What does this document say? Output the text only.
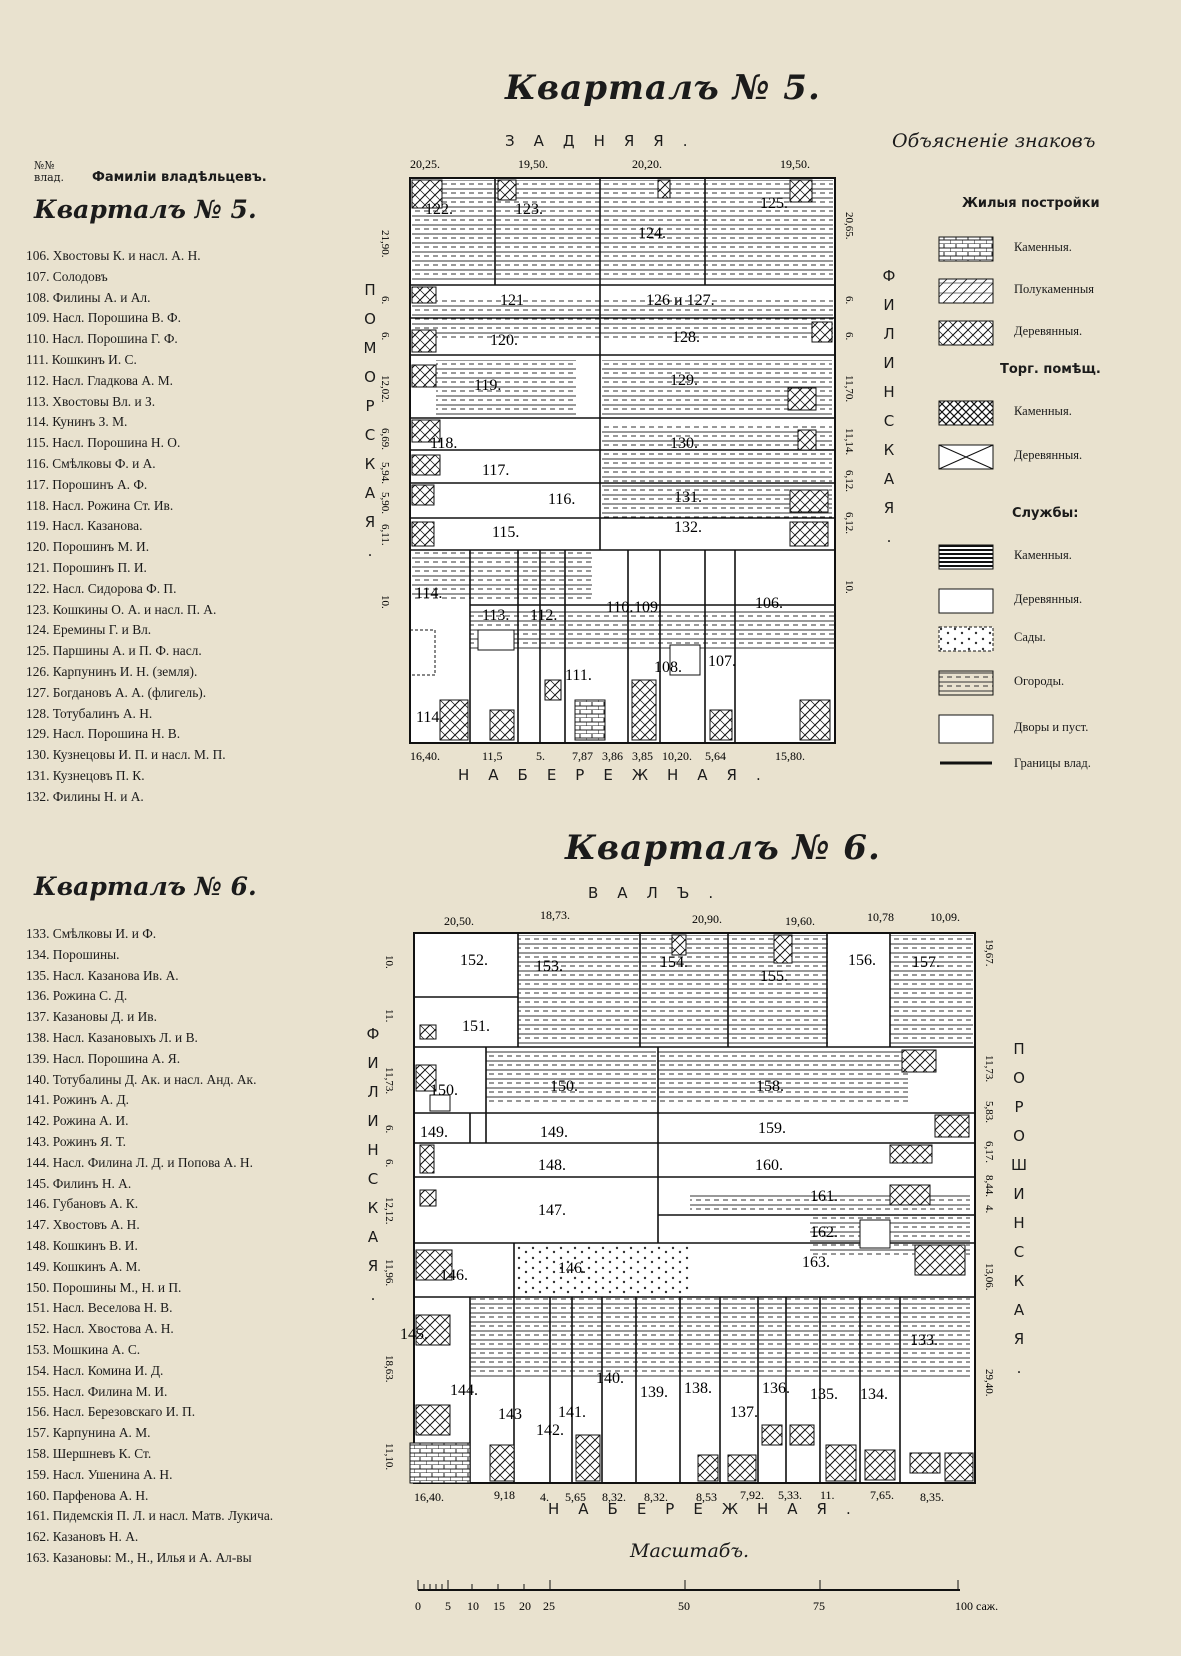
Кварталъ № 5.
Кварталъ № 6.
№№ влад.	Фамиліи владѣльцевъ.
Кварталъ № 5.
106. Хвостовы К. и насл. А. Н.
107. Солодовъ
108. Филины А. и Ал.
109. Насл. Порошина В. Ф.
110. Насл. Порошина Г. Ф.
111. Кошкинъ И. С.
112. Насл. Гладкова А. М.
113. Хвостовы Вл. и З.
114. Кунинъ З. М.
115. Насл. Порошина Н. О.
116. Смѣлковы Ф. и А.
117. Порошинъ А. Ф.
118. Насл. Рожина Ст. Ив.
119. Насл. Казанова.
120. Порошинъ М. И.
121. Порошинъ П. И.
122. Насл. Сидорова Ф. П.
123. Кошкины О. А. и насл. П. А.
124. Еремины Г. и Вл.
125. Паршины А. и П. Ф. насл.
126. Карпунинъ И. Н. (земля).
127. Богдановъ А. А. (флигель).
128. Тотубалинъ А. Н.
129. Насл. Порошина Н. В.
130. Кузнецовы И. П. и насл. М. П.
131. Кузнецовъ П. К.
132. Филины Н. и А.
Кварталъ № 6.
133. Смѣлковы И. и Ф.
134. Порошины.
135. Насл. Казанова Ив. А.
136. Рожина С. Д.
137. Казановы Д. и Ив.
138. Насл. Казановыхъ Л. и В.
139. Насл. Порошина А. Я.
140. Тотубалины Д. Ак. и насл. Анд. Ак.
141. Рожинъ А. Д.
142. Рожина А. И.
143. Рожинъ Я. Т.
144. Насл. Филина Л. Д. и Попова А. Н.
145. Филинъ Н. А.
146. Губановъ А. К.
147. Хвостовъ А. Н.
148. Кошкинъ В. И.
149. Кошкинъ А. М.
150. Порошины М., Н. и П.
151. Насл. Веселова Н. В.
152. Насл. Хвостова А. Н.
153. Мошкина А. С.
154. Насл. Комина И. Д.
155. Насл. Филина М. И.
156. Насл. Березовскаго И. П.
157. Карпунина А. М.
158. Шершневъ К. Ст.
159. Насл. Ушенина А. Н.
160. Парфенова А. Н.
161. Пидемскія П. Л. и насл. Матв. Лукича.
162. Казановъ Н. А.
163. Казановы: М., Н., Илья и А. Ал-вы
ЗАДНЯЯ.
НАБЕРЕЖНАЯ.
П
О
М
О
Р
С
К
А
Я
.
Ф
И
Л
И
Н
С
К
А
Я
.
20,25.	19,50.	20,20.	19,50.
122.	123.
124.
125.
121	126 и 127.
120.	128.
119.	129.
118.	130.
117.
116.	131.
115.	132.
114.
113. 112.
111.
110. 109.
108. 107.
106.
114.
16,40.	11,5	5. 7,87 3,86 3,85 10,20. 5,64	15,80.
21,90.
6.
6.
12,02.
6,69.
5,94.
5,90.
6,11.
10.
20,65.
6.
6.
11,70.
11,14.
6,12.
6,12.
10.
ВАЛЪ.
НАБЕРЕЖНАЯ.
Ф
И
Л
И
Н
С
К
А
Я
.
П
О
Р
О
Ш
И
Н
С
К
А
Я
.
20,50.	18,73.	20,90.	19,60.	10,78	10,09.
152.	153.	154.	156. 157.
155.
151.
150.	150.	158.
149.	149.	159.
148.	160.
147.
161.
162.
146.	146.	163.
145.	133.
144.
143
142.
141.
140.
139. 138.
137.
136. 135. 134.
16,40.	9,18 4. 5,65 8,32. 8,32. 8,53 7,92. 5,33. 11.	7,65. 8,35.
10.
11.
11,73.
6.
6.
12,12.
11,96.
18,63.
11,10.
19,67.
11,73.
5,83.
6,17.
8,44.
4.
13,06.
29,40.
Объясненіе знаковъ
Жилыя постройки
Каменныя.
Полукаменныя
Деревянныя.
Торг. помѣщ.
Каменныя.
Деревянныя.
Службы:
Каменныя.
Деревянныя.
Сады.
Огороды.
Дворы и пуст.
Границы влад.
Масштабъ.
0 5 10 15 20 25	50	75	100 саж.
